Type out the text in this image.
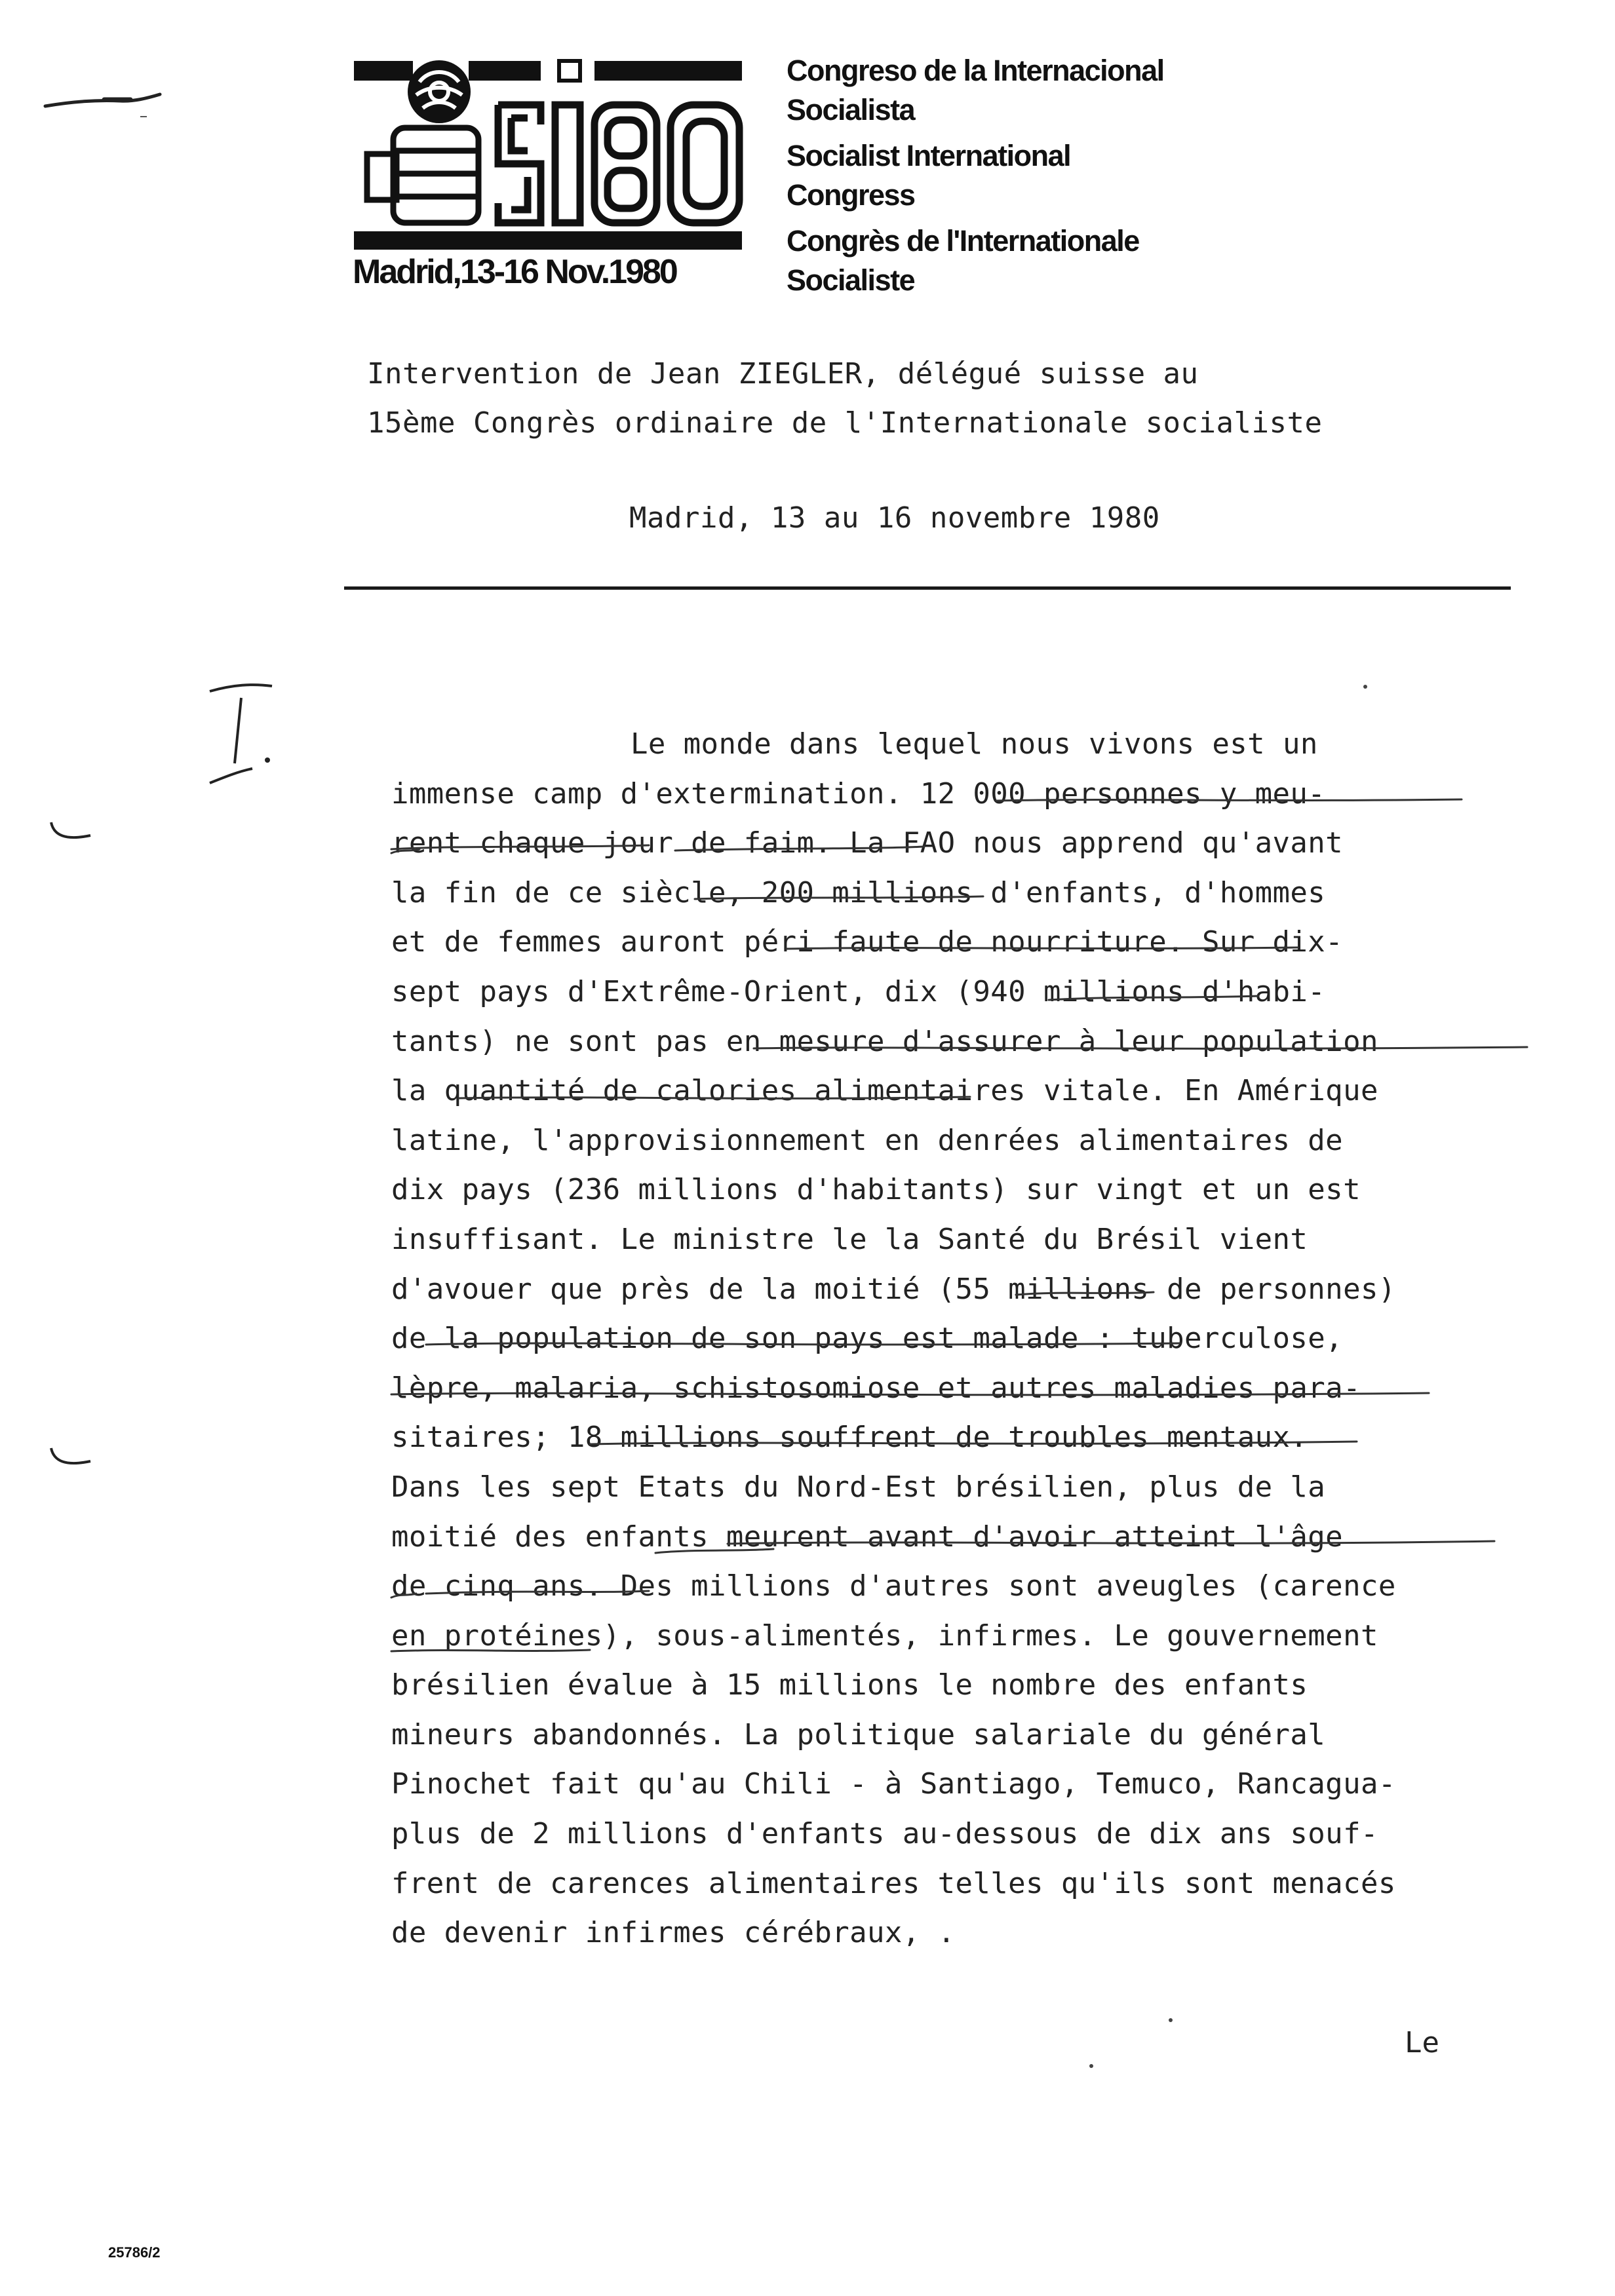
Madrid,13-16 Nov.1980
Congreso de la Internacional
Socialista
Socialist International
Congress
Congrès de l'Internationale
Socialiste
Intervention de Jean ZIEGLER, délégué suisse au
15ème Congrès ordinaire de l'Internationale socialiste
Madrid, 13 au 16 novembre 1980
I.
Le monde dans lequel nous vivons est un
immense camp d'extermination. 12 000 personnes y meu-
rent chaque jour de faim. La FAO nous apprend qu'avant
la fin de ce siècle, 200 millions d'enfants, d'hommes
et de femmes auront péri faute de nourriture. Sur dix-
sept pays d'Extrême-Orient, dix (940 millions d'habi-
tants) ne sont pas en mesure d'assurer à leur population
la quantité de calories alimentaires vitale. En Amérique
latine, l'approvisionnement en denrées alimentaires de
dix pays (236 millions d'habitants) sur vingt et un est
insuffisant. Le ministre le la Santé du Brésil vient
d'avouer que près de la moitié (55 millions de personnes)
de la population de son pays est malade : tuberculose,
lèpre, malaria, schistosomiose et autres maladies para-
sitaires; 18 millions souffrent de troubles mentaux.
Dans les sept Etats du Nord-Est brésilien, plus de la
moitié des enfants meurent avant d'avoir atteint l'âge
de cinq ans. Des millions d'autres sont aveugles (carence
en protéines), sous-alimentés, infirmes. Le gouvernement
brésilien évalue à 15 millions le nombre des enfants
mineurs abandonnés. La politique salariale du général
Pinochet fait qu'au Chili - à Santiago, Temuco, Rancagua-
plus de 2 millions d'enfants au-dessous de dix ans souf-
frent de carences alimentaires telles qu'ils sont menacés
de devenir infirmes cérébraux, .
Le
25786/2
